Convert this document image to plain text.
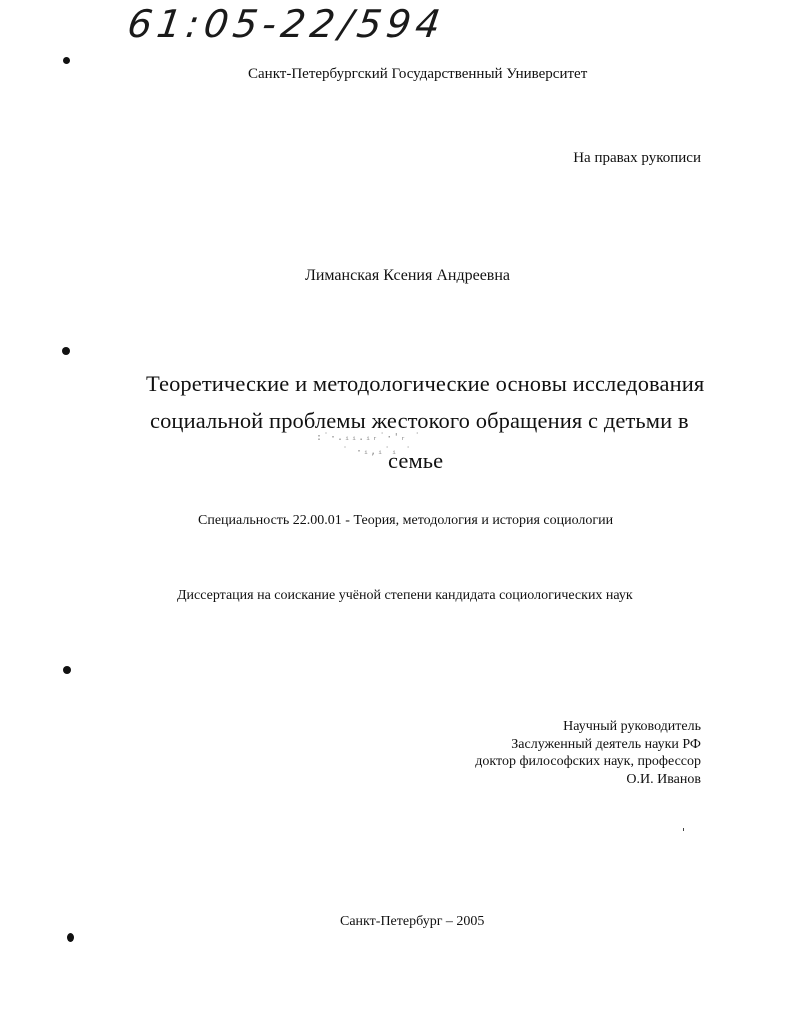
61:05-22/594
Санкт-Петербургский Государственный Университет
На правах рукописи
Лиманская Ксения Андреевна
Теоретические и методологические основы исследования
социальной проблемы жестокого обращения с детьми в
семье
:˙·.ᵢᵢ.ᵢᵣ˙·'ᵣ ˙
˙ ·ᵢ,ᵢ˙ᵢ ˙
Специальность 22.00.01 - Теория, методология и история социологии
Диссертация на соискание учёной степени кандидата социологических наук
Научный руководитель
Заслуженный деятель науки РФ
доктор философских наук, профессор
О.И. Иванов
Санкт-Петербург – 2005
